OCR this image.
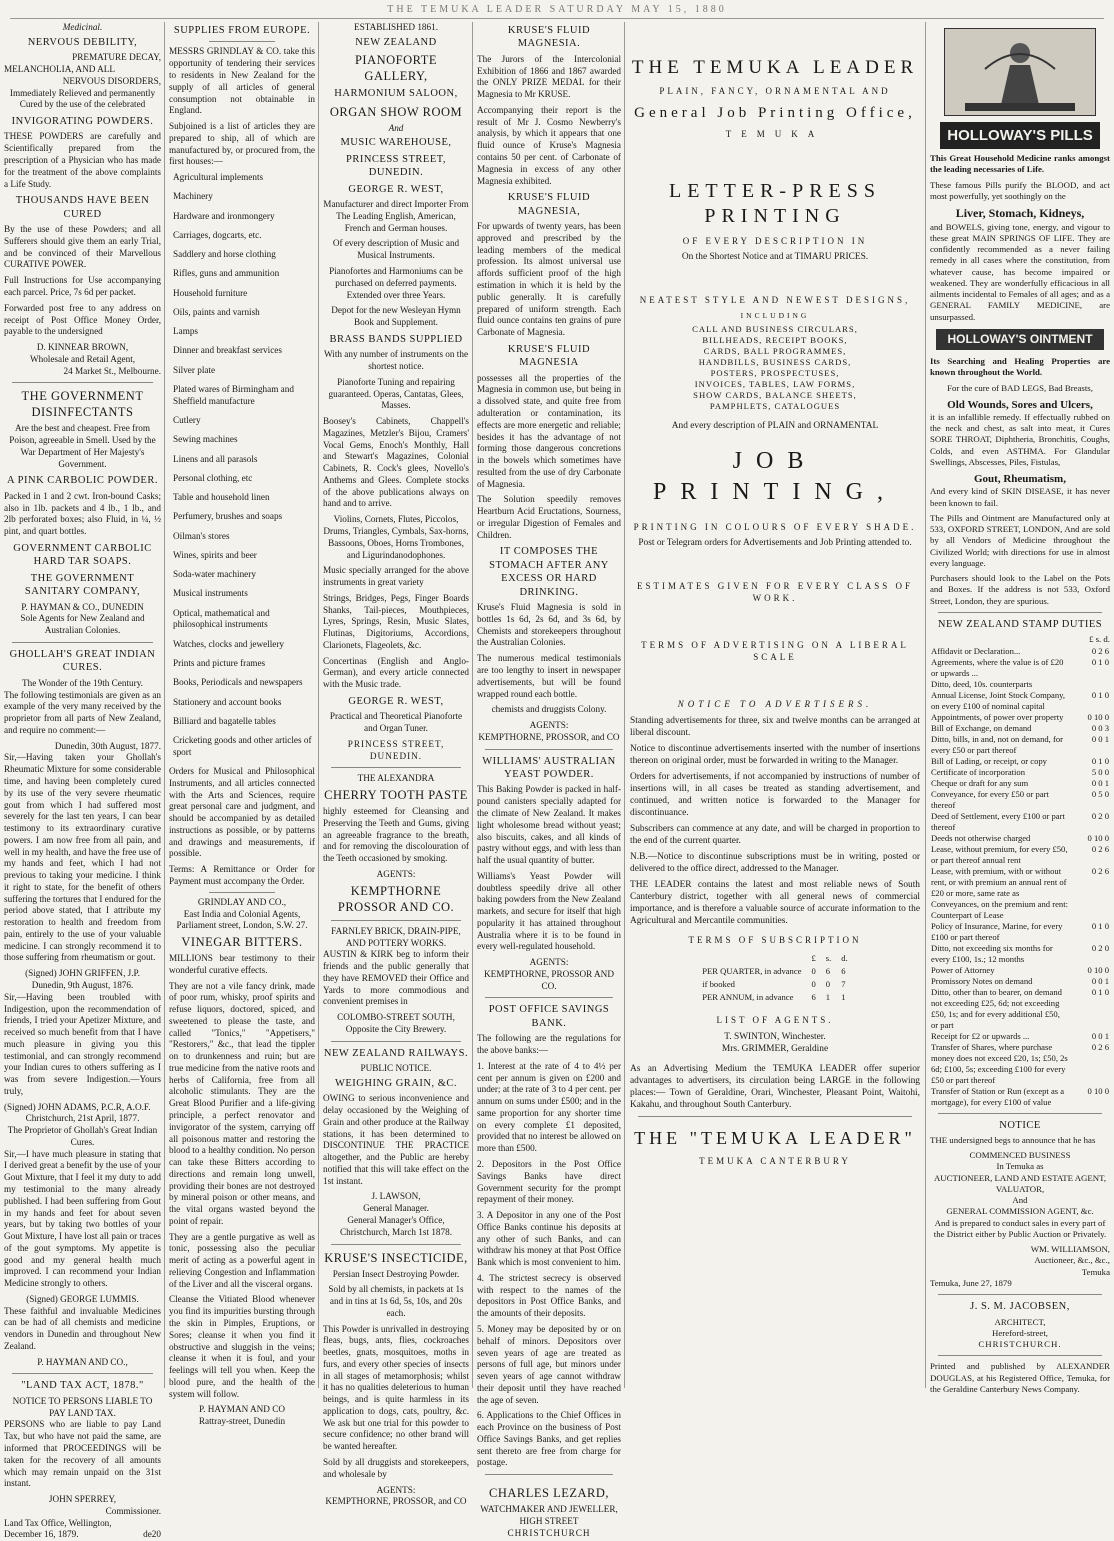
THE TEMUKA LEADER SATURDAY MAY 15, 1880
Medicinal.
NERVOUS DEBILITY,
PREMATURE DECAY,
MELANCHOLIA, AND ALL
NERVOUS DISORDERS,

Immediately Relieved and permanently Cured by the use of the celebrated

INVIGORATING POWDERS.

THESE POWDERS are carefully and Scientifically prepared from the prescription of a Physician who has made for the treatment of the above complaints a Life Study.

THOUSANDS HAVE BEEN CURED

By the use of these Powders; and all Sufferers should give them an early Trial, and be convinced of their Marvellous CURATIVE POWER.

Full Instructions for Use accompanying each parcel. Price, 7s 6d per packet.

Forwarded post free to any address on receipt of Post Office Money Order, payable to the undersigned

D. KINNEAR BROWN,
Wholesale and Retail Agent,
24 Market St., Melbourne.
THE GOVERNMENT DISINFECTANTS

Are the best and cheapest. Free from Poison, agreeable in Smell. Used by the War Department of Her Majesty's Government.

A PINK CARBOLIC POWDER.

Packed in 1 and 2 cwt. Iron-bound Casks; also in 1lb. packets and 4 lb., 1 lb., and 2lb perforated boxes; also Fluid, in ¼, ½ pint, and quart bottles.

GOVERNMENT CARBOLIC HARD TAR SOAPS.
THE GOVERNMENT SANITARY COMPANY,
P. HAYMAN & CO., DUNEDIN
Sole Agents for New Zealand and Australian Colonies.
GHOLLAH'S GREAT INDIAN CURES.
The Wonder of the 19th Century.

The following testimonials are given as an example of the very many received by the proprietor from all parts of New Zealand, and require no comment:—

Dunedin, 30th August, 1877.

Sir,—Having taken your Ghollah's Rheumatic Mixture for some considerable time, and having been completely cured by its use of the very severe rheumatic gout from which I had suffered most severely for the last ten years, I can bear testimony to its extraordinary curative powers. I am now free from all pain, and well in my health, and have the free use of my hands and feet, which I had not previous to taking your medicine. I think it right to state, for the benefit of others suffering the tortures that I endured for the period above stated, that I attribute my restoration to health and freedom from pain, entirely to the use of your valuable medicine. I can strongly recommend it to those suffering from rheumatism or gout.

(Signed) JOHN GRIFFEN, J.P.
Dunedin, 9th August, 1876.

Sir,—Having been troubled with Indigestion, upon the recommendation of friends, I tried your Apetizer Mixture, and received so much benefit from that I have much pleasure in giving you this testimonial, and can strongly recommend your Indian cures to others suffering as I was from severe Indigestion.—Yours truly,

(Signed) JOHN ADAMS, P.C.R, A.O.F.
Christchurch, 21st April, 1877.
The Proprietor of Ghollah's Great Indian Cures.

Sir,—I have much pleasure in stating that I derived great a benefit by the use of your Gout Mixture, that I feel it my duty to add my testimonial to the many already published. I had been suffering from Gout in my hands and feet for about seven years, but by taking two bottles of your Gout Mixture, I have lost all pain or traces of the gout symptoms. My appetite is good and my general health much improved. I can recommend your Indian Medicine strongly to others.

(Signed) GEORGE LUMMIS.

These faithful and invaluable Medicines can be had of all chemists and medicine vendors in Dunedin and throughout New Zealand.

P. HAYMAN AND CO.,
"LAND TAX ACT, 1878."
NOTICE TO PERSONS LIABLE TO PAY LAND TAX.

PERSONS who are liable to pay Land Tax, but who have not paid the same, are informed that PROCEEDINGS will be taken for the recovery of all amounts which may remain unpaid on the 31st instant.

JOHN SPERREY,
Commissioner.
Land Tax Office, Wellington,
December 16, 1879.	de20
SUPPLIES FROM EUROPE.

MESSRS GRINDLAY & CO. take this opportunity of tendering their services to residents in New Zealand for the supply of all articles of general consumption not obtainable in England.

Subjoined is a list of articles they are prepared to ship, all of which are manufactured by, or procured from, the first houses:—

Agricultural implements
Machinery
Hardware and ironmongery
Carriages, dogcarts, etc.
Saddlery and horse clothing
Rifles, guns and ammunition
Household furniture
Oils, paints and varnish
Lamps
Dinner and breakfast services
Silver plate
Plated wares of Birmingham and Sheffield manufacture
Cutlery
Sewing machines
Linens and all parasols
Personal clothing, etc
Table and household linen
Perfumery, brushes and soaps
Oilman's stores
Wines, spirits and beer
Soda-water machinery
Musical instruments
Optical, mathematical and philosophical instruments
Watches, clocks and jewellery
Prints and picture frames
Books, Periodicals and newspapers
Stationery and account books
Billiard and bagatelle tables
Cricketing goods and other articles of sport

Orders for Musical and Philosophical Instruments, and all articles connected with the Arts and Sciences, require great personal care and judgment, and should be accompanied by as detailed instructions as possible, or by patterns and drawings and measurements, if possible.

Terms: A Remittance or Order for Payment must accompany the Order.

GRINDLAY AND CO.,
East India and Colonial Agents,
Parliament street, London, S.W. 27.
VINEGAR BITTERS.

MILLIONS bear testimony to their wonderful curative effects.

They are not a vile fancy drink, made of poor rum, whisky, proof spirits and refuse liquors, doctored, spiced, and sweetened to please the taste, and called "Tonics," "Appetisers," "Restorers," &c., that lead the tippler on to drunkenness and ruin; but are true medicine from the native roots and herbs of California, free from all alcoholic stimulants. They are the Great Blood Purifier and a life-giving principle, a perfect renovator and invigorator of the system, carrying off all poisonous matter and restoring the blood to a healthy condition. No person can take these Bitters according to directions and remain long unwell, providing their bones are not destroyed by mineral poison or other means, and the vital organs wasted beyond the point of repair.

They are a gentle purgative as well as tonic, possessing also the peculiar merit of acting as a powerful agent in relieving Congestion and Inflammation of the Liver and all the visceral organs.

Cleanse the Vitiated Blood whenever you find its impurities bursting through the skin in Pimples, Eruptions, or Sores; cleanse it when you find it obstructive and sluggish in the veins; cleanse it when it is foul, and your feelings will tell you when. Keep the blood pure, and the health of the system will follow.

P. HAYMAN AND CO
Rattray-street, Dunedin
ESTABLISHED 1861.
NEW ZEALAND
PIANOFORTE GALLERY,
HARMONIUM SALOON,
ORGAN SHOW ROOM
And
MUSIC WAREHOUSE,
PRINCESS STREET, DUNEDIN.
GEORGE R. WEST,

Manufacturer and direct Importer From The Leading English, American, French and German houses.

Of every description of Music and Musical Instruments.

Pianofortes and Harmoniums can be purchased on deferred payments. Extended over three Years.

Depot for the new Wesleyan Hymn Book and Supplement.

BRASS BANDS SUPPLIED

With any number of instruments on the shortest notice.

Pianoforte Tuning and repairing guaranteed. Operas, Cantatas, Glees, Masses.

Boosey's Cabinets, Chappell's Magazines, Metzler's Bijou, Cramers' Vocal Gems, Enoch's Monthly, Hall and Stewart's Magazines, Colonial Cabinets, R. Cock's glees, Novello's Anthems and Glees. Complete stocks of the above publications always on hand and to arrive.

Violins, Cornets, Flutes, Piccolos, Drums, Triangles, Cymbals, Sax-horns, Bassoons, Oboes, Horns Trombones, and Ligurindanodophones.

Music specially arranged for the above instruments in great variety

Strings, Bridges, Pegs, Finger Boards Shanks, Tail-pieces, Mouthpieces, Lyres, Springs, Resin, Music Slates, Flutinas, Digitoriums, Accordions, Clarionets, Flageolets, &c.

Concertinas (English and Anglo-German), and every article connected with the Music trade.

GEORGE R. WEST,

Practical and Theoretical Pianoforte and Organ Tuner.

PRINCESS STREET, DUNEDIN.
THE ALEXANDRA
CHERRY TOOTH PASTE

highly esteemed for Cleansing and Preserving the Teeth and Gums, giving an agreeable fragrance to the breath, and for removing the discolouration of the Teeth occasioned by smoking.

AGENTS:
KEMPTHORNE PROSSOR AND CO.
FARNLEY BRICK, DRAIN-PIPE, AND POTTERY WORKS.

AUSTIN & KIRK beg to inform their friends and the public generally that they have REMOVED their Office and Yards to more commodious and convenient premises in

COLOMBO-STREET SOUTH,
Opposite the City Brewery.
NEW ZEALAND RAILWAYS.
PUBLIC NOTICE.
WEIGHING GRAIN, &C.

OWING to serious inconvenience and delay occasioned by the Weighing of Grain and other produce at the Railway stations, it has been determined to DISCONTINUE THE PRACTICE altogether, and the Public are hereby notified that this will take effect on the 1st instant.

J. LAWSON,
General Manager.
General Manager's Office, Christchurch, March 1st 1878.
KRUSE'S INSECTICIDE,

Persian Insect Destroying Powder.

Sold by all chemists, in packets at 1s and in tins at 1s 6d, 5s, 10s, and 20s each.

This Powder is unrivalled in destroying fleas, bugs, ants, flies, cockroaches beetles, gnats, mosquitoes, moths in furs, and every other species of insects in all stages of metamorphosis; whilst it has no qualities deleterious to human beings, and is quite harmless in its application to dogs, cats, poultry, &c. We ask but one trial for this powder to secure confidence; no other brand will be wanted hereafter.

Sold by all druggists and storekeepers, and wholesale by

AGENTS:
KEMPTHORNE, PROSSOR, and CO
KRUSE'S FLUID MAGNESIA.

The Jurors of the Intercolonial Exhibition of 1866 and 1867 awarded the ONLY PRIZE MEDAL for their Magnesia to Mr KRUSE.

Accompanying their report is the result of Mr J. Cosmo Newberry's analysis, by which it appears that one fluid ounce of Kruse's Magnesia contains 50 per cent. of Carbonate of Magnesia in excess of any other Magnesia exhibited.

KRUSE'S FLUID MAGNESIA,

For upwards of twenty years, has been approved and prescribed by the leading members of the medical profession. Its almost universal use affords sufficient proof of the high estimation in which it is held by the public generally. It is carefully prepared of uniform strength. Each fluid ounce contains ten grains of pure Carbonate of Magnesia.

KRUSE'S FLUID MAGNESIA

possesses all the properties of the Magnesia in common use, but being in a dissolved state, and quite free from adulteration or contamination, its effects are more energetic and reliable; besides it has the advantage of not forming those dangerous concretions in the bowels which sometimes have resulted from the use of dry Carbonate of Magnesia.

The Solution speedily removes Heartburn Acid Eructations, Sourness, or irregular Digestion of Females and Children.

IT COMPOSES THE STOMACH AFTER ANY EXCESS OR HARD DRINKING.

Kruse's Fluid Magnesia is sold in bottles 1s 6d, 2s 6d, and 3s 6d, by Chemists and storekeepers throughout the Australian Colonies.

The numerous medical testimonials are too lengthy to insert in newspaper advertisements, but will be found wrapped round each bottle.

chemists and druggists Colony.

AGENTS:
KEMPTHORNE, PROSSOR, and CO
WILLIAMS' AUSTRALIAN YEAST POWDER.

This Baking Powder is packed in half-pound canisters specially adapted for the climate of New Zealand. It makes light wholesome bread without yeast; also biscuits, cakes, and all kinds of pastry without eggs, and with less than half the usual quantity of butter.

Williams's Yeast Powder will doubtless speedily drive all other baking powders from the New Zealand markets, and secure for itself that high popularity it has attained throughout Australia where it is to be found in every well-regulated household.

AGENTS:
KEMPTHORNE, PROSSOR AND CO.
POST OFFICE SAVINGS BANK.

The following are the regulations for the above banks:—

1. Interest at the rate of 4 to 4½ per cent per annum is given on £200 and under; at the rate of 3 to 4 per cent. per annum on sums under £500; and in the same proportion for any shorter time on every complete £1 deposited, provided that no interest be allowed on more than £500.

2. Depositors in the Post Office Savings Banks have direct Government security for the prompt repayment of their money.

3. A Depositor in any one of the Post Office Banks continue his deposits at any other of such Banks, and can withdraw his money at that Post Office Bank which is most convenient to him.

4. The strictest secrecy is observed with respect to the names of the depositors in Post Office Banks, and the amounts of their deposits.

5. Money may be deposited by or on behalf of minors. Depositors over seven years of age are treated as persons of full age, but minors under seven years of age cannot withdraw their deposit until they have reached the age of seven.

6. Applications to the Chief Offices in each Province on the business of Post Office Savings Banks, and get replies sent thereto are free from charge for postage.

CHARLES LEZARD,
WATCHMAKER AND JEWELLER,
HIGH STREET
CHRISTCHURCH
THE TEMUKA LEADER
PLAIN, FANCY, ORNAMENTAL AND
General Job Printing Office,
TEMUKA
LETTER-PRESS PRINTING
OF EVERY DESCRIPTION IN
On the Shortest Notice and at TIMARU PRICES.
NEATEST STYLE AND NEWEST DESIGNS,
INCLUDING
CALL AND BUSINESS CIRCULARS,
BILLHEADS, RECEIPT BOOKS,
CARDS, BALL PROGRAMMES,
HANDBILLS, BUSINESS CARDS,
POSTERS, PROSPECTUSES,
INVOICES, TABLES, LAW FORMS,
SHOW CARDS, BALANCE SHEETS,
PAMPHLETS, CATALOGUES
And every description of PLAIN and ORNAMENTAL
JOB PRINTING,
PRINTING IN COLOURS OF EVERY SHADE.
Post or Telegram orders for Advertisements and Job Printing attended to.
ESTIMATES GIVEN FOR EVERY CLASS OF WORK.
TERMS OF ADVERTISING ON A LIBERAL SCALE
NOTICE TO ADVERTISERS.

Standing advertisements for three, six and twelve months can be arranged at liberal discount.

Notice to discontinue advertisements inserted with the number of insertions thereon on original order, must be forwarded in writing to the Manager.

Orders for advertisements, if not accompanied by instructions of number of insertions will, in all cases be treated as standing advertisement, and continued, and written notice is forwarded to the Manager for discontinuance.

Subscribers can commence at any date, and will be charged in proportion to the end of the current quarter.

N.B.—Notice to discontinue subscriptions must be in writing, posted or delivered to the office direct, addressed to the Manager.

THE LEADER contains the latest and most reliable news of South Canterbury district, together with all general news of commercial importance, and is therefore a valuable source of accurate information to the Agricultural and Mercantile communities.

TERMS OF SUBSCRIPTION
	£	s.	d.
PER QUARTER, in advance	0	6	6
if booked	0	0	7
PER ANNUM, in advance	6	1	1
LIST OF AGENTS.
T. SWINTON, Winchester.
Mrs. GRIMMER, Geraldine

As an Advertising Medium the TEMUKA LEADER offer superior advantages to advertisers, its circulation being LARGE in the following places:— Town of Geraldine, Orari, Winchester, Pleasant Point, Waitohi, Kakahu, and throughout South Canterbury.

THE "TEMUKA LEADER"
TEMUKA CANTERBURY
HOLLOWAY'S PILLS

This Great Household Medicine ranks amongst the leading necessaries of Life.

These famous Pills purify the BLOOD, and act most powerfully, yet soothingly on the

Liver, Stomach, Kidneys,

and BOWELS, giving tone, energy, and vigour to these great MAIN SPRINGS OF LIFE. They are confidently recommended as a never failing remedy in all cases where the constitution, from whatever cause, has become impaired or weakened. They are wonderfully efficacious in all ailments incidental to Females of all ages; and as a GENERAL FAMILY MEDICINE, are unsurpassed.

HOLLOWAY'S OINTMENT

Its Searching and Healing Properties are known throughout the World.

For the cure of BAD LEGS, Bad Breasts,

Old Wounds, Sores and Ulcers,

it is an infallible remedy. If effectually rubbed on the neck and chest, as salt into meat, it Cures SORE THROAT, Diphtheria, Bronchitis, Coughs, Colds, and even ASTHMA. For Glandular Swellings, Abscesses, Piles, Fistulas,

Gout, Rheumatism,

And every kind of SKIN DISEASE, it has never been known to fail.

The Pills and Ointment are Manufactured only at 533, OXFORD STREET, LONDON, And are sold by all Vendors of Medicine throughout the Civilized World; with directions for use in almost every language.

Purchasers should look to the Label on the Pots and Boxes. If the address is not 533, Oxford Street, London, they are spurious.

NEW ZEALAND STAMP DUTIES
£ s. d.
Affidavit or Declaration...	0 2 6
Agreements, where the value is of £20 or upwards ...	0 1 0
Ditto, deed, 10s. counterparts	
Annual License, Joint Stock Company, on every £100 of nominal capital	0 1 0
Appointments, of power over property	0 10 0
Bill of Exchange, on demand	0 0 3
Ditto, bills, in and, not on demand, for every £50 or part thereof	0 0 1
Bill of Lading, or receipt, or copy	0 1 0
Certificate of incorporation	5 0 0
Cheque or draft for any sum	0 0 1
Conveyance, for every £50 or part thereof	0 5 0
Deed of Settlement, every £100 or part thereof	0 2 0
Deeds not otherwise charged	0 10 0
Lease, without premium, for every £50, or part thereof annual rent	0 2 6
Lease, with premium, with or without rent, or with premium an annual rent of £20 or more, same rate as Conveyances, on the premium and rent: Counterpart of Lease	0 2 6
Policy of Insurance, Marine, for every £100 or part thereof	0 1 0
Ditto, not exceeding six months for every £100, 1s.; 12 months	0 2 0
Power of Attorney	0 10 0
Promissory Notes on demand	0 0 1
Ditto, other than to bearer, on demand not exceeding £25, 6d; not exceeding £50, 1s; and for every additional £50, or part	0 1 0
Receipt for £2 or upwards ...	0 0 1
Transfer of Shares, where purchase money does not exceed £20, 1s; £50, 2s 6d; £100, 5s; exceeding £100 for every £50 or part thereof	0 2 6
Transfer of Station or Run (except as a mortgage), for every £100 of value	0 10 0
NOTICE

THE undersigned begs to announce that he has

COMMENCED BUSINESS
In Temuka as
AUCTIONEER, LAND AND ESTATE AGENT, VALUATOR,
And
GENERAL COMMISSION AGENT, &c.

And is prepared to conduct sales in every part of the District either by Public Auction or Privately.

WM. WILLIAMSON,
Auctioneer, &c., &c.,
Temuka
Temuka, June 27, 1879
J. S. M. JACOBSEN,
ARCHITECT,
Hereford-street,
CHRISTCHURCH.

Printed and published by ALEXANDER DOUGLAS, at his Registered Office, Temuka, for the Geraldine Canterbury News Company.
